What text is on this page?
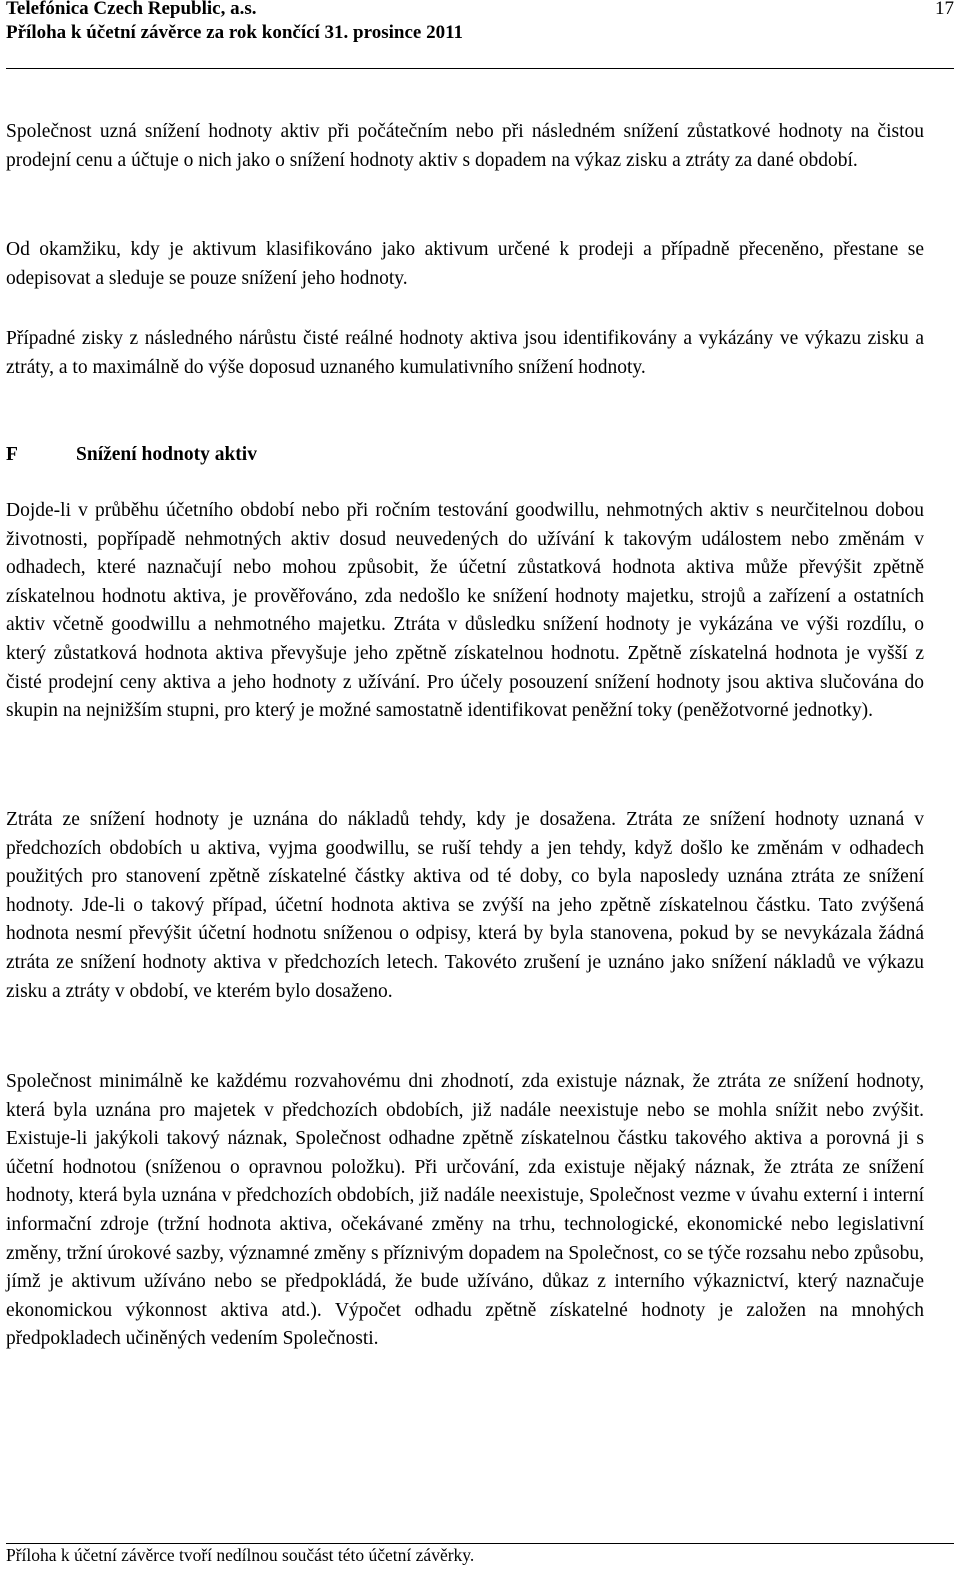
Telefónica Czech Republic, a.s.
Příloha k účetní závěrce za rok končící 31. prosince 2011
17
Společnost uzná snížení hodnoty aktiv při počátečním nebo při následném snížení zůstatkové hodnoty na čistou prodejní cenu a účtuje o nich jako o snížení hodnoty aktiv s dopadem na výkaz zisku a ztráty za dané období.
Od okamžiku, kdy je aktivum klasifikováno jako aktivum určené k prodeji a případně přeceněno, přestane se odepisovat a sleduje se pouze snížení jeho hodnoty.
Případné zisky z následného nárůstu čisté reálné hodnoty aktiva jsou identifikovány a vykázány ve výkazu zisku a ztráty, a to maximálně do výše doposud uznaného kumulativního snížení hodnoty.
F	Snížení hodnoty aktiv
Dojde-li v průběhu účetního období nebo při ročním testování goodwillu, nehmotných aktiv s neurčitelnou dobou životnosti, popřípadě nehmotných aktiv dosud neuvedených do užívání k takovým událostem nebo změnám v odhadech, které naznačují nebo mohou způsobit, že účetní zůstatková hodnota aktiva může převýšit zpětně získatelnou hodnotu aktiva, je prověřováno, zda nedošlo ke snížení hodnoty majetku, strojů a zařízení a ostatních aktiv včetně goodwillu a nehmotného majetku. Ztráta v důsledku snížení hodnoty je vykázána ve výši rozdílu, o který zůstatková hodnota aktiva převyšuje jeho zpětně získatelnou hodnotu. Zpětně získatelná hodnota je vyšší z čisté prodejní ceny aktiva a jeho hodnoty z užívání. Pro účely posouzení snížení hodnoty jsou aktiva slučována do skupin na nejnižším stupni, pro který je možné samostatně identifikovat peněžní toky (peněžotvorné jednotky).
Ztráta ze snížení hodnoty je uznána do nákladů tehdy, kdy je dosažena. Ztráta ze snížení hodnoty uznaná v předchozích obdobích u aktiva, vyjma goodwillu, se ruší tehdy a jen tehdy, když došlo ke změnám v odhadech použitých pro stanovení zpětně získatelné částky aktiva od té doby, co byla naposledy uznána ztráta ze snížení hodnoty. Jde-li o takový případ, účetní hodnota aktiva se zvýší na jeho zpětně získatelnou částku. Tato zvýšená hodnota nesmí převýšit účetní hodnotu sníženou o odpisy, která by byla stanovena, pokud by se nevykázala žádná ztráta ze snížení hodnoty aktiva v předchozích letech. Takovéto zrušení je uznáno jako snížení nákladů ve výkazu zisku a ztráty v období, ve kterém bylo dosaženo.
Společnost minimálně ke každému rozvahovému dni zhodnotí, zda existuje náznak, že ztráta ze snížení hodnoty, která byla uznána pro majetek v předchozích obdobích, již nadále neexistuje nebo se mohla snížit nebo zvýšit. Existuje-li jakýkoli takový náznak, Společnost odhadne zpětně získatelnou částku takového aktiva a porovná ji s účetní hodnotou (sníženou o opravnou položku). Při určování, zda existuje nějaký náznak, že ztráta ze snížení hodnoty, která byla uznána v předchozích obdobích, již nadále neexistuje, Společnost vezme v úvahu externí i interní informační zdroje (tržní hodnota aktiva, očekávané změny na trhu, technologické, ekonomické nebo legislativní změny, tržní úrokové sazby, významné změny s příznivým dopadem na Společnost, co se týče rozsahu nebo způsobu, jímž je aktivum užíváno nebo se předpokládá, že bude užíváno, důkaz z interního výkaznictví, který naznačuje ekonomickou výkonnost aktiva atd.). Výpočet odhadu zpětně získatelné hodnoty je založen na mnohých předpokladech učiněných vedením Společnosti.
Příloha k účetní závěrce tvoří nedílnou součást této účetní závěrky.
